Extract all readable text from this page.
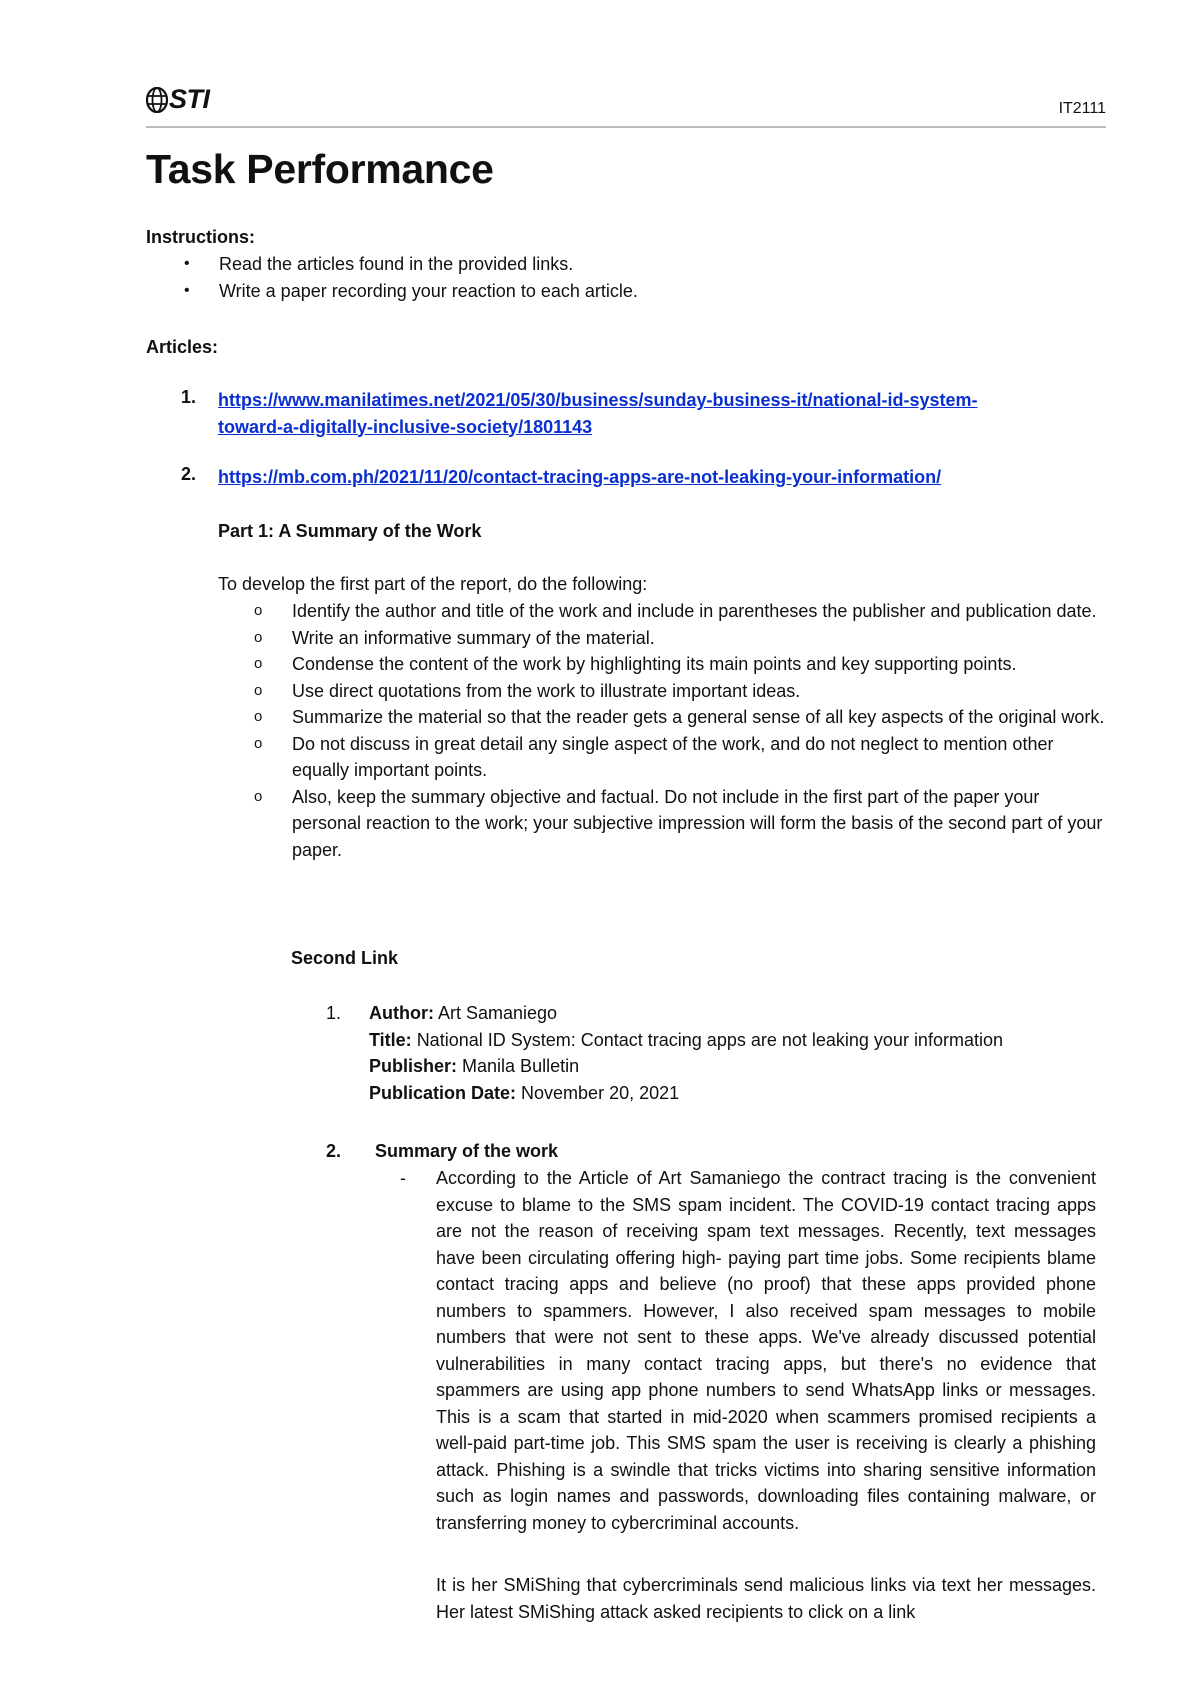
STI	IT2111
Task Performance
Instructions:
• Read the articles found in the provided links.
• Write a paper recording your reaction to each article.
Articles:
1. https://www.manilatimes.net/2021/05/30/business/sunday-business-it/national-id-system-
toward-a-digitally-inclusive-society/1801143
2. https://mb.com.ph/2021/11/20/contact-tracing-apps-are-not-leaking-your-information/
Part 1: A Summary of the Work
To develop the first part of the report, do the following:
o Identify the author and title of the work and include in parentheses the publisher and publication date.
o Write an informative summary of the material.
o Condense the content of the work by highlighting its main points and key supporting points.
o Use direct quotations from the work to illustrate important ideas.
o Summarize the material so that the reader gets a general sense of all key aspects of the original work.
o Do not discuss in great detail any single aspect of the work, and do not neglect to mention other equally important points.
o Also, keep the summary objective and factual. Do not include in the first part of the paper your personal reaction to the work; your subjective impression will form the basis of the second part of your paper.
Second Link
1. Author: Art Samaniego
Title: National ID System: Contact tracing apps are not leaking your information
Publisher: Manila Bulletin
Publication Date: November 20, 2021
2. Summary of the work
- According to the Article of Art Samaniego the contract tracing is the convenient excuse to blame to the SMS spam incident. The COVID-19 contact tracing apps are not the reason of receiving spam text messages. Recently, text messages have been circulating offering high- paying part time jobs. Some recipients blame contact tracing apps and believe (no proof) that these apps provided phone numbers to spammers. However, I also received spam messages to mobile numbers that were not sent to these apps. We've already discussed potential vulnerabilities in many contact tracing apps, but there's no evidence that spammers are using app phone numbers to send WhatsApp links or messages. This is a scam that started in mid-2020 when scammers promised recipients a well-paid part-time job. This SMS spam the user is receiving is clearly a phishing attack. Phishing is a swindle that tricks victims into sharing sensitive information such as login names and passwords, downloading files containing malware, or transferring money to cybercriminal accounts.
It is her SMiShing that cybercriminals send malicious links via text her messages. Her latest SMiShing attack asked recipients to click on a link
